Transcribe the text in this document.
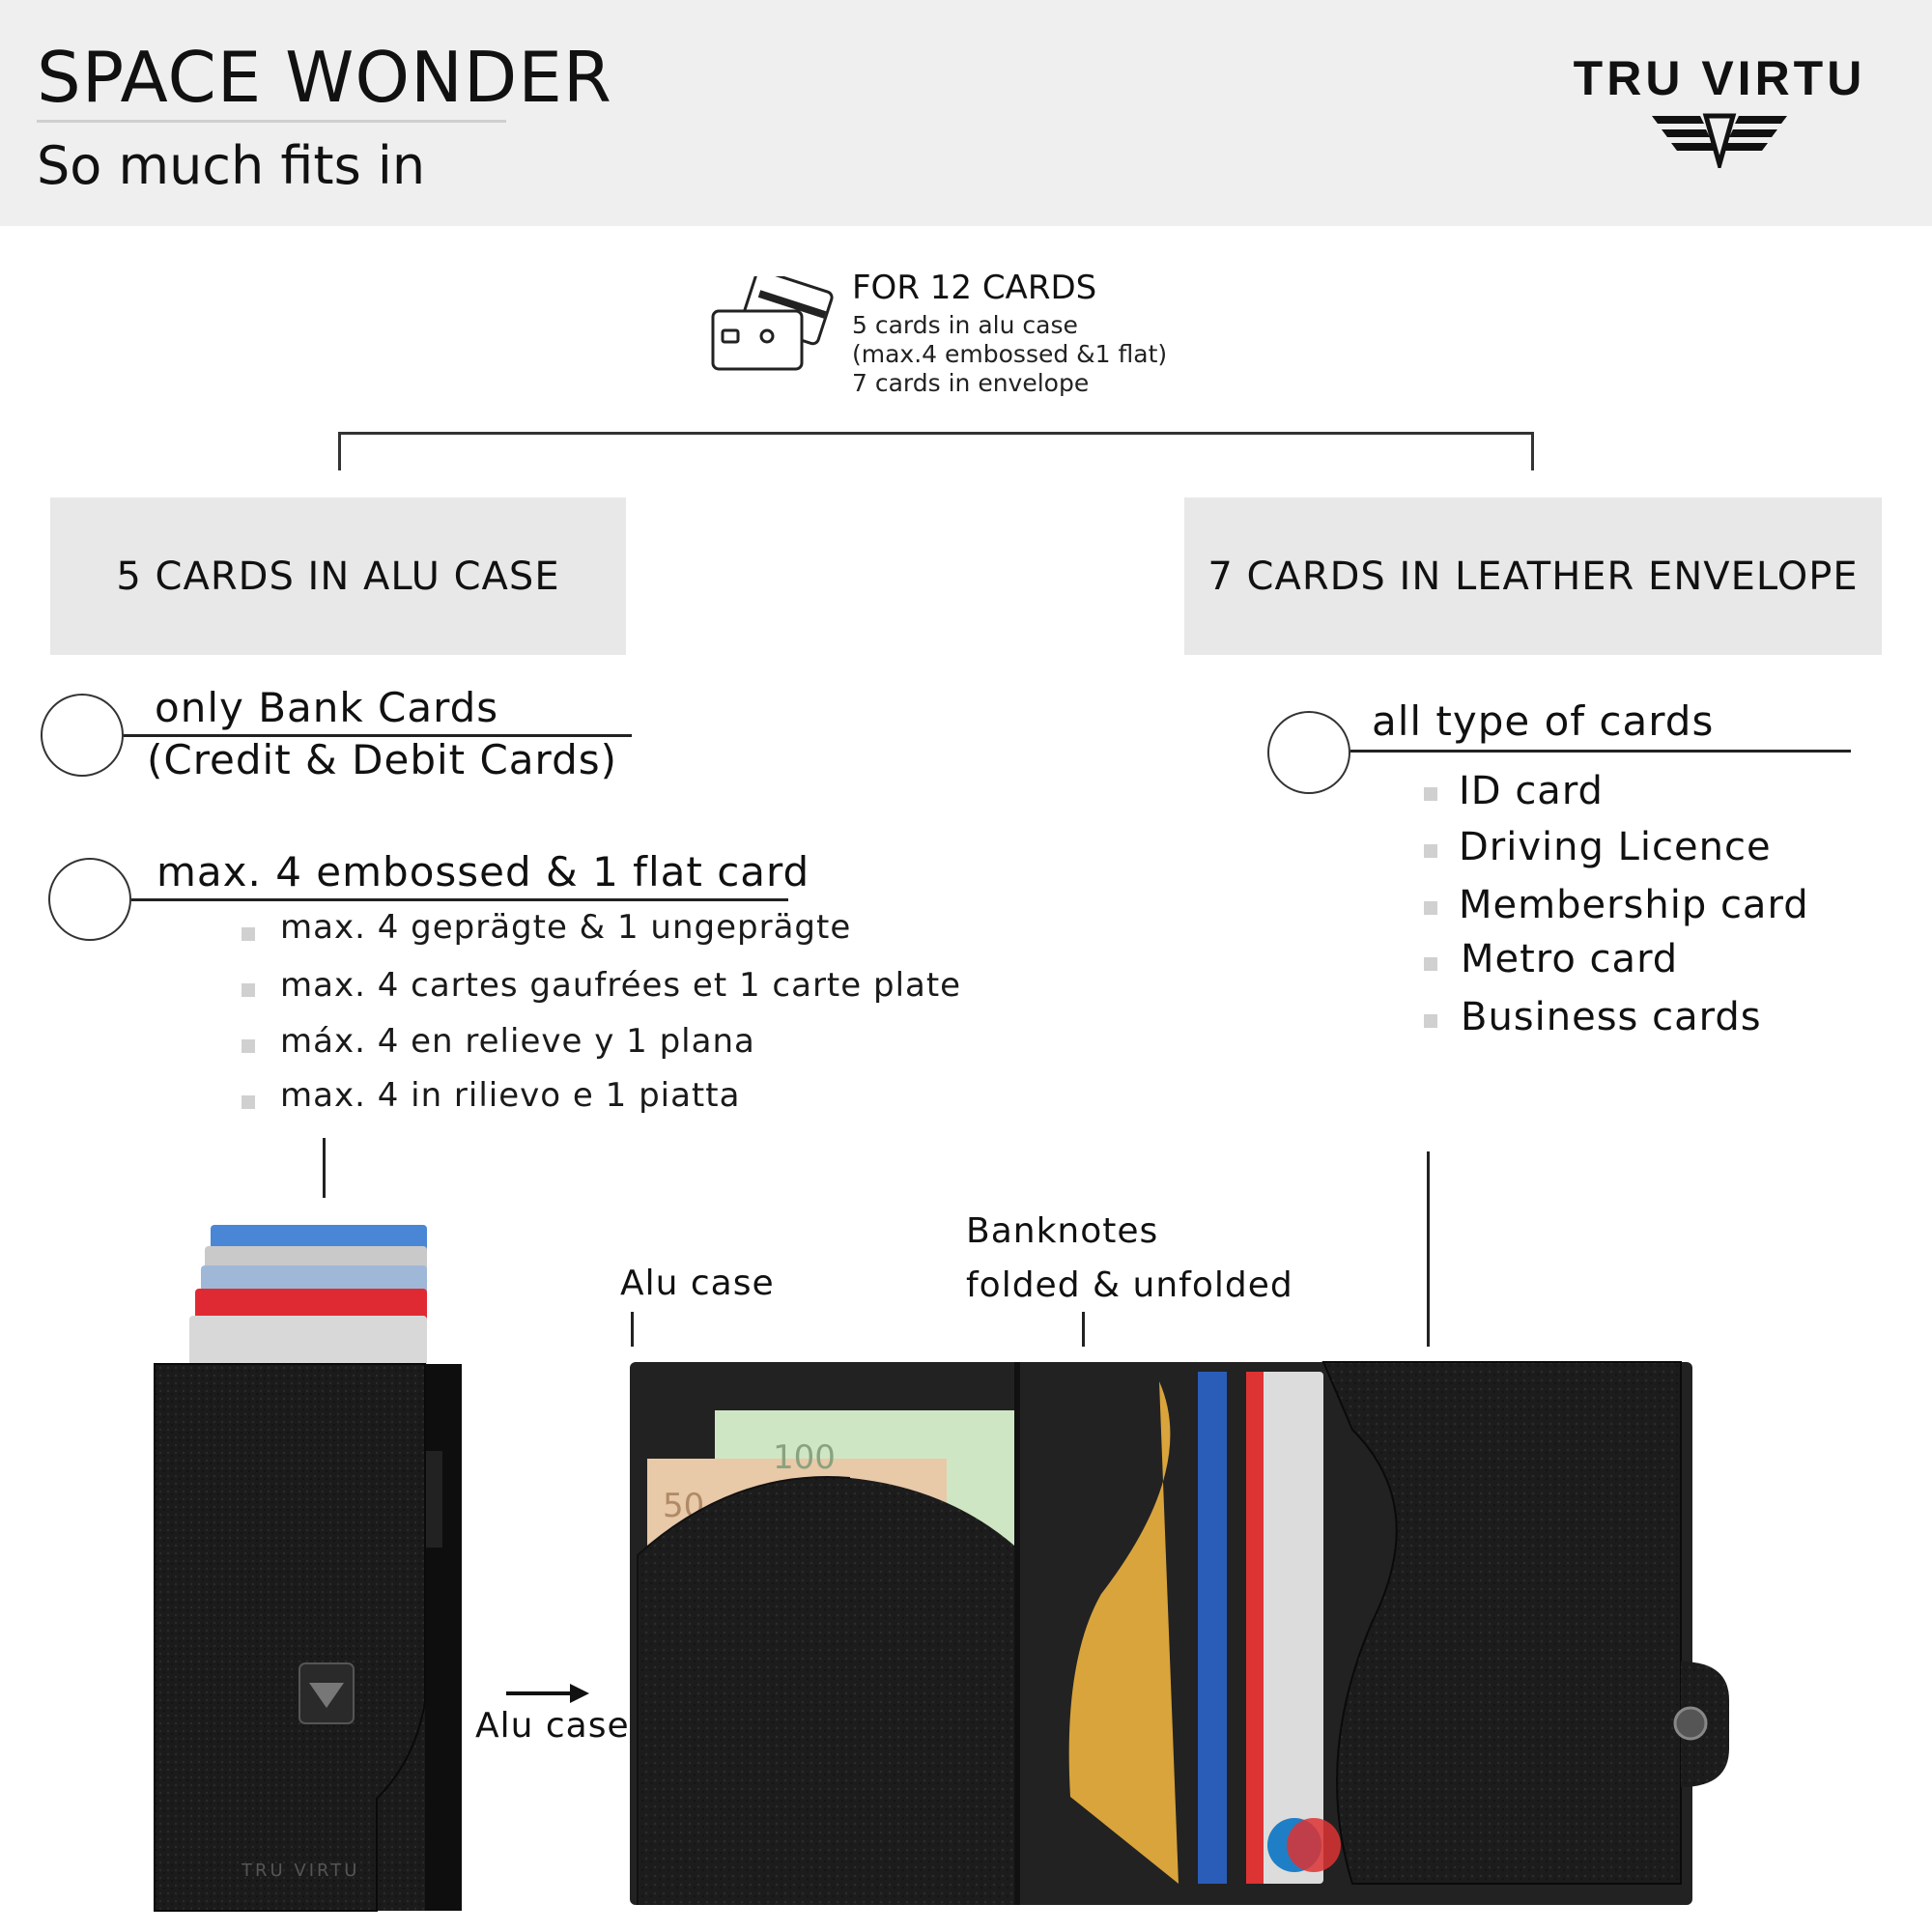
SPACE WONDER
So much fits in
TRU VIRTU
FOR 12 CARDS
5 cards in alu case
(max.4 embossed &1 flat)
7 cards in envelope
5 CARDS IN ALU CASE	7 CARDS IN LEATHER ENVELOPE
only Bank Cards
(Credit & Debit Cards)
max. 4 embossed & 1 flat card
max. 4 geprägte & 1 ungeprägte
max. 4 cartes gaufrées et 1 carte plate
máx. 4 en relieve y 1 plana
max. 4 in rilievo e 1 piatta
all type of cards
ID card
Driving Licence
Membership card
Metro card
Business cards
Alu case
Banknotes
folded & unfolded
TRU VIRTU
Alu case
100
50
